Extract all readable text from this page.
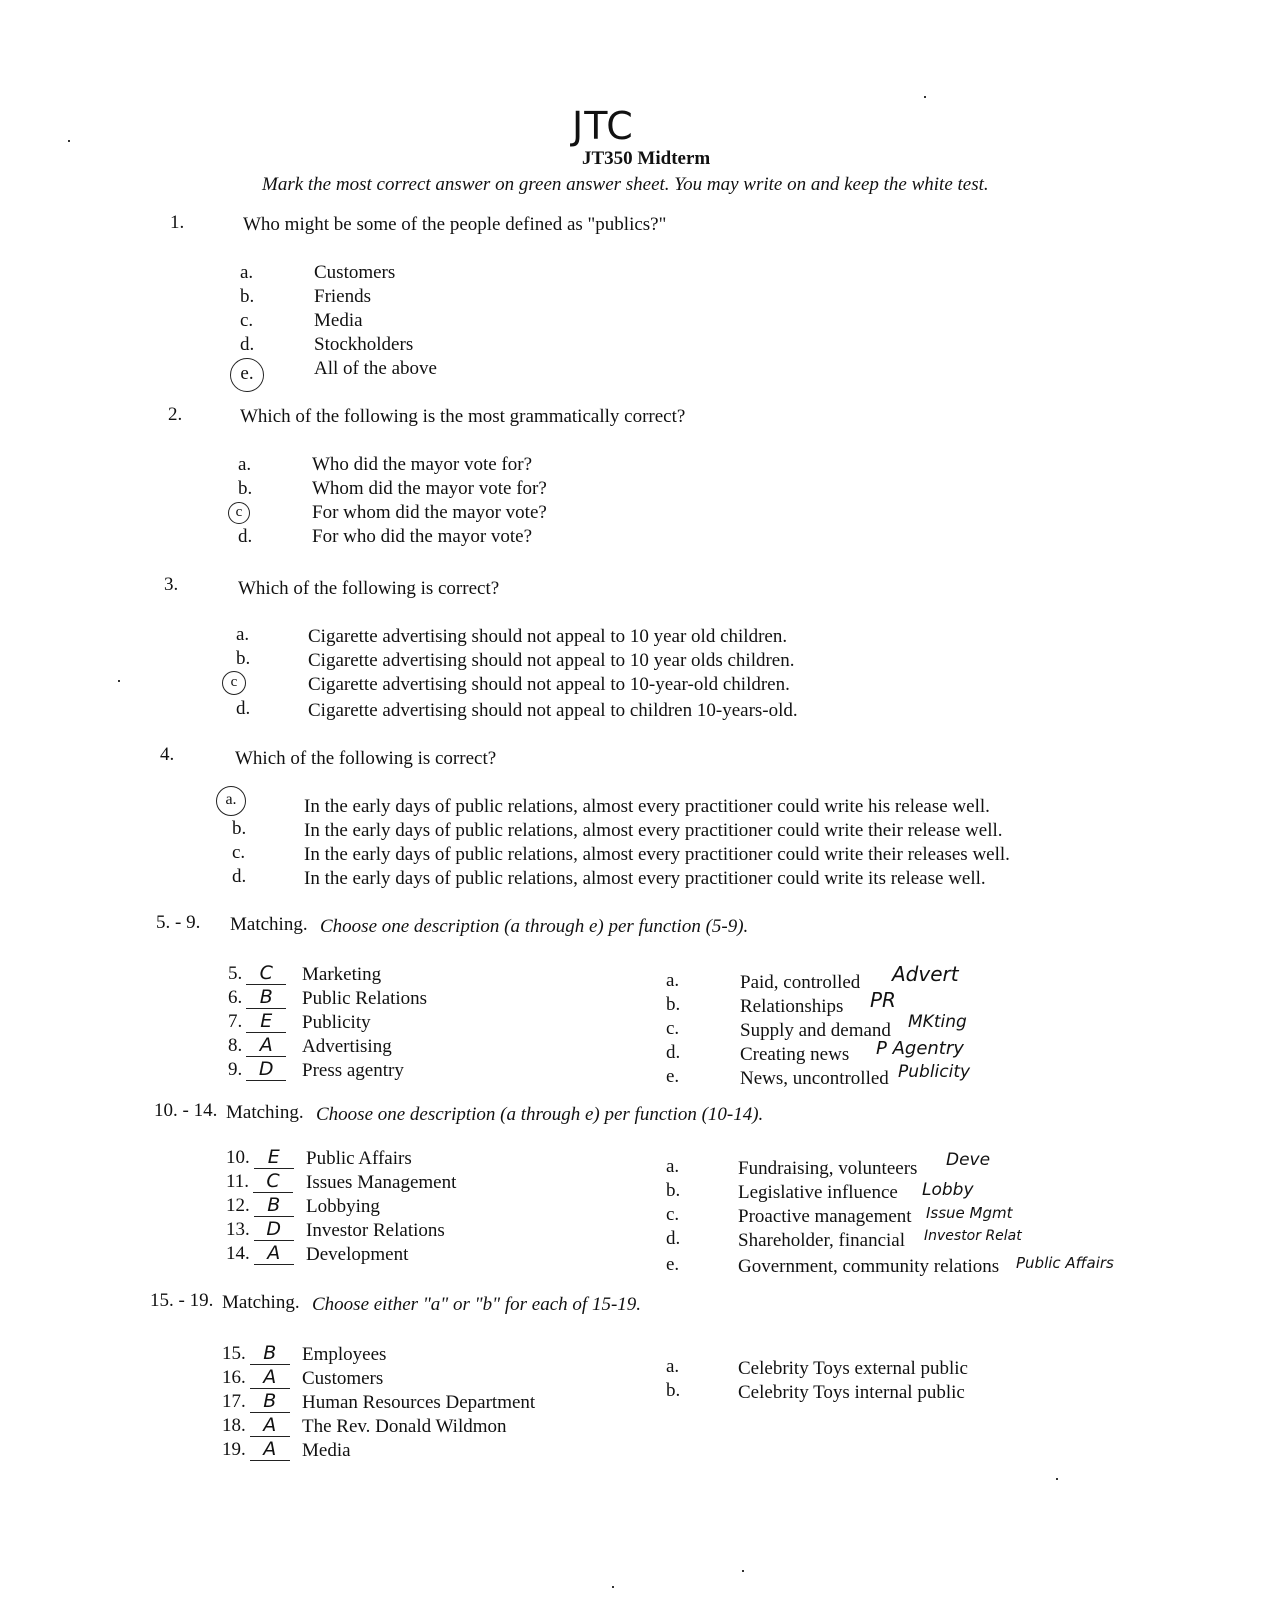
JTC
JT350 Midterm
Mark the most correct answer on green answer sheet. You may write on and keep the white test.
1.	Who might be some of the people defined as "publics?"
a.	Customers
b.	Friends
c.	Media
d.	Stockholders
e.	All of the above
2.	Which of the following is the most grammatically correct?
a.	Who did the mayor vote for?
b.	Whom did the mayor vote for?
c	For whom did the mayor vote?
d.	For who did the mayor vote?
3.	Which of the following is correct?
a.	Cigarette advertising should not appeal to 10 year old children.
b.	Cigarette advertising should not appeal to 10 year olds children.
c	Cigarette advertising should not appeal to 10-year-old children.
d.	Cigarette advertising should not appeal to children 10-years-old.
4.	Which of the following is correct?
a.	In the early days of public relations, almost every practitioner could write his release well.
b.	In the early days of public relations, almost every practitioner could write their release well.
c.	In the early days of public relations, almost every practitioner could write their releases well.
d.	In the early days of public relations, almost every practitioner could write its release well.
5. - 9. Matching. Choose one description (a through e) per function (5-9).
5. C	Marketing
6. B	Public Relations
7. E	Publicity
8. A	Advertising
9. D	Press agentry
a.	Paid, controlled Advert
b.	Relationships PR
c.	Supply and demand MKting
d.	Creating news P Agentry
e.	News, uncontrolled Publicity
10. - 14. Matching. Choose one description (a through e) per function (10-14).
10. E	Public Affairs
11. C	Issues Management
12. B	Lobbying
13. D	Investor Relations
14. A	Development
a.	Fundraising, volunteers Deve
b.	Legislative influence Lobby
c.	Proactive management Issue Mgmt
d.	Shareholder, financial Investor Relat
e.	Government, community relations Public Affairs
15. - 19. Matching. Choose either "a" or "b" for each of 15-19.
15. B	Employees
16. A	Customers
17. B	Human Resources Department
18. A	The Rev. Donald Wildmon
19. A	Media
a.	Celebrity Toys external public
b.	Celebrity Toys internal public
